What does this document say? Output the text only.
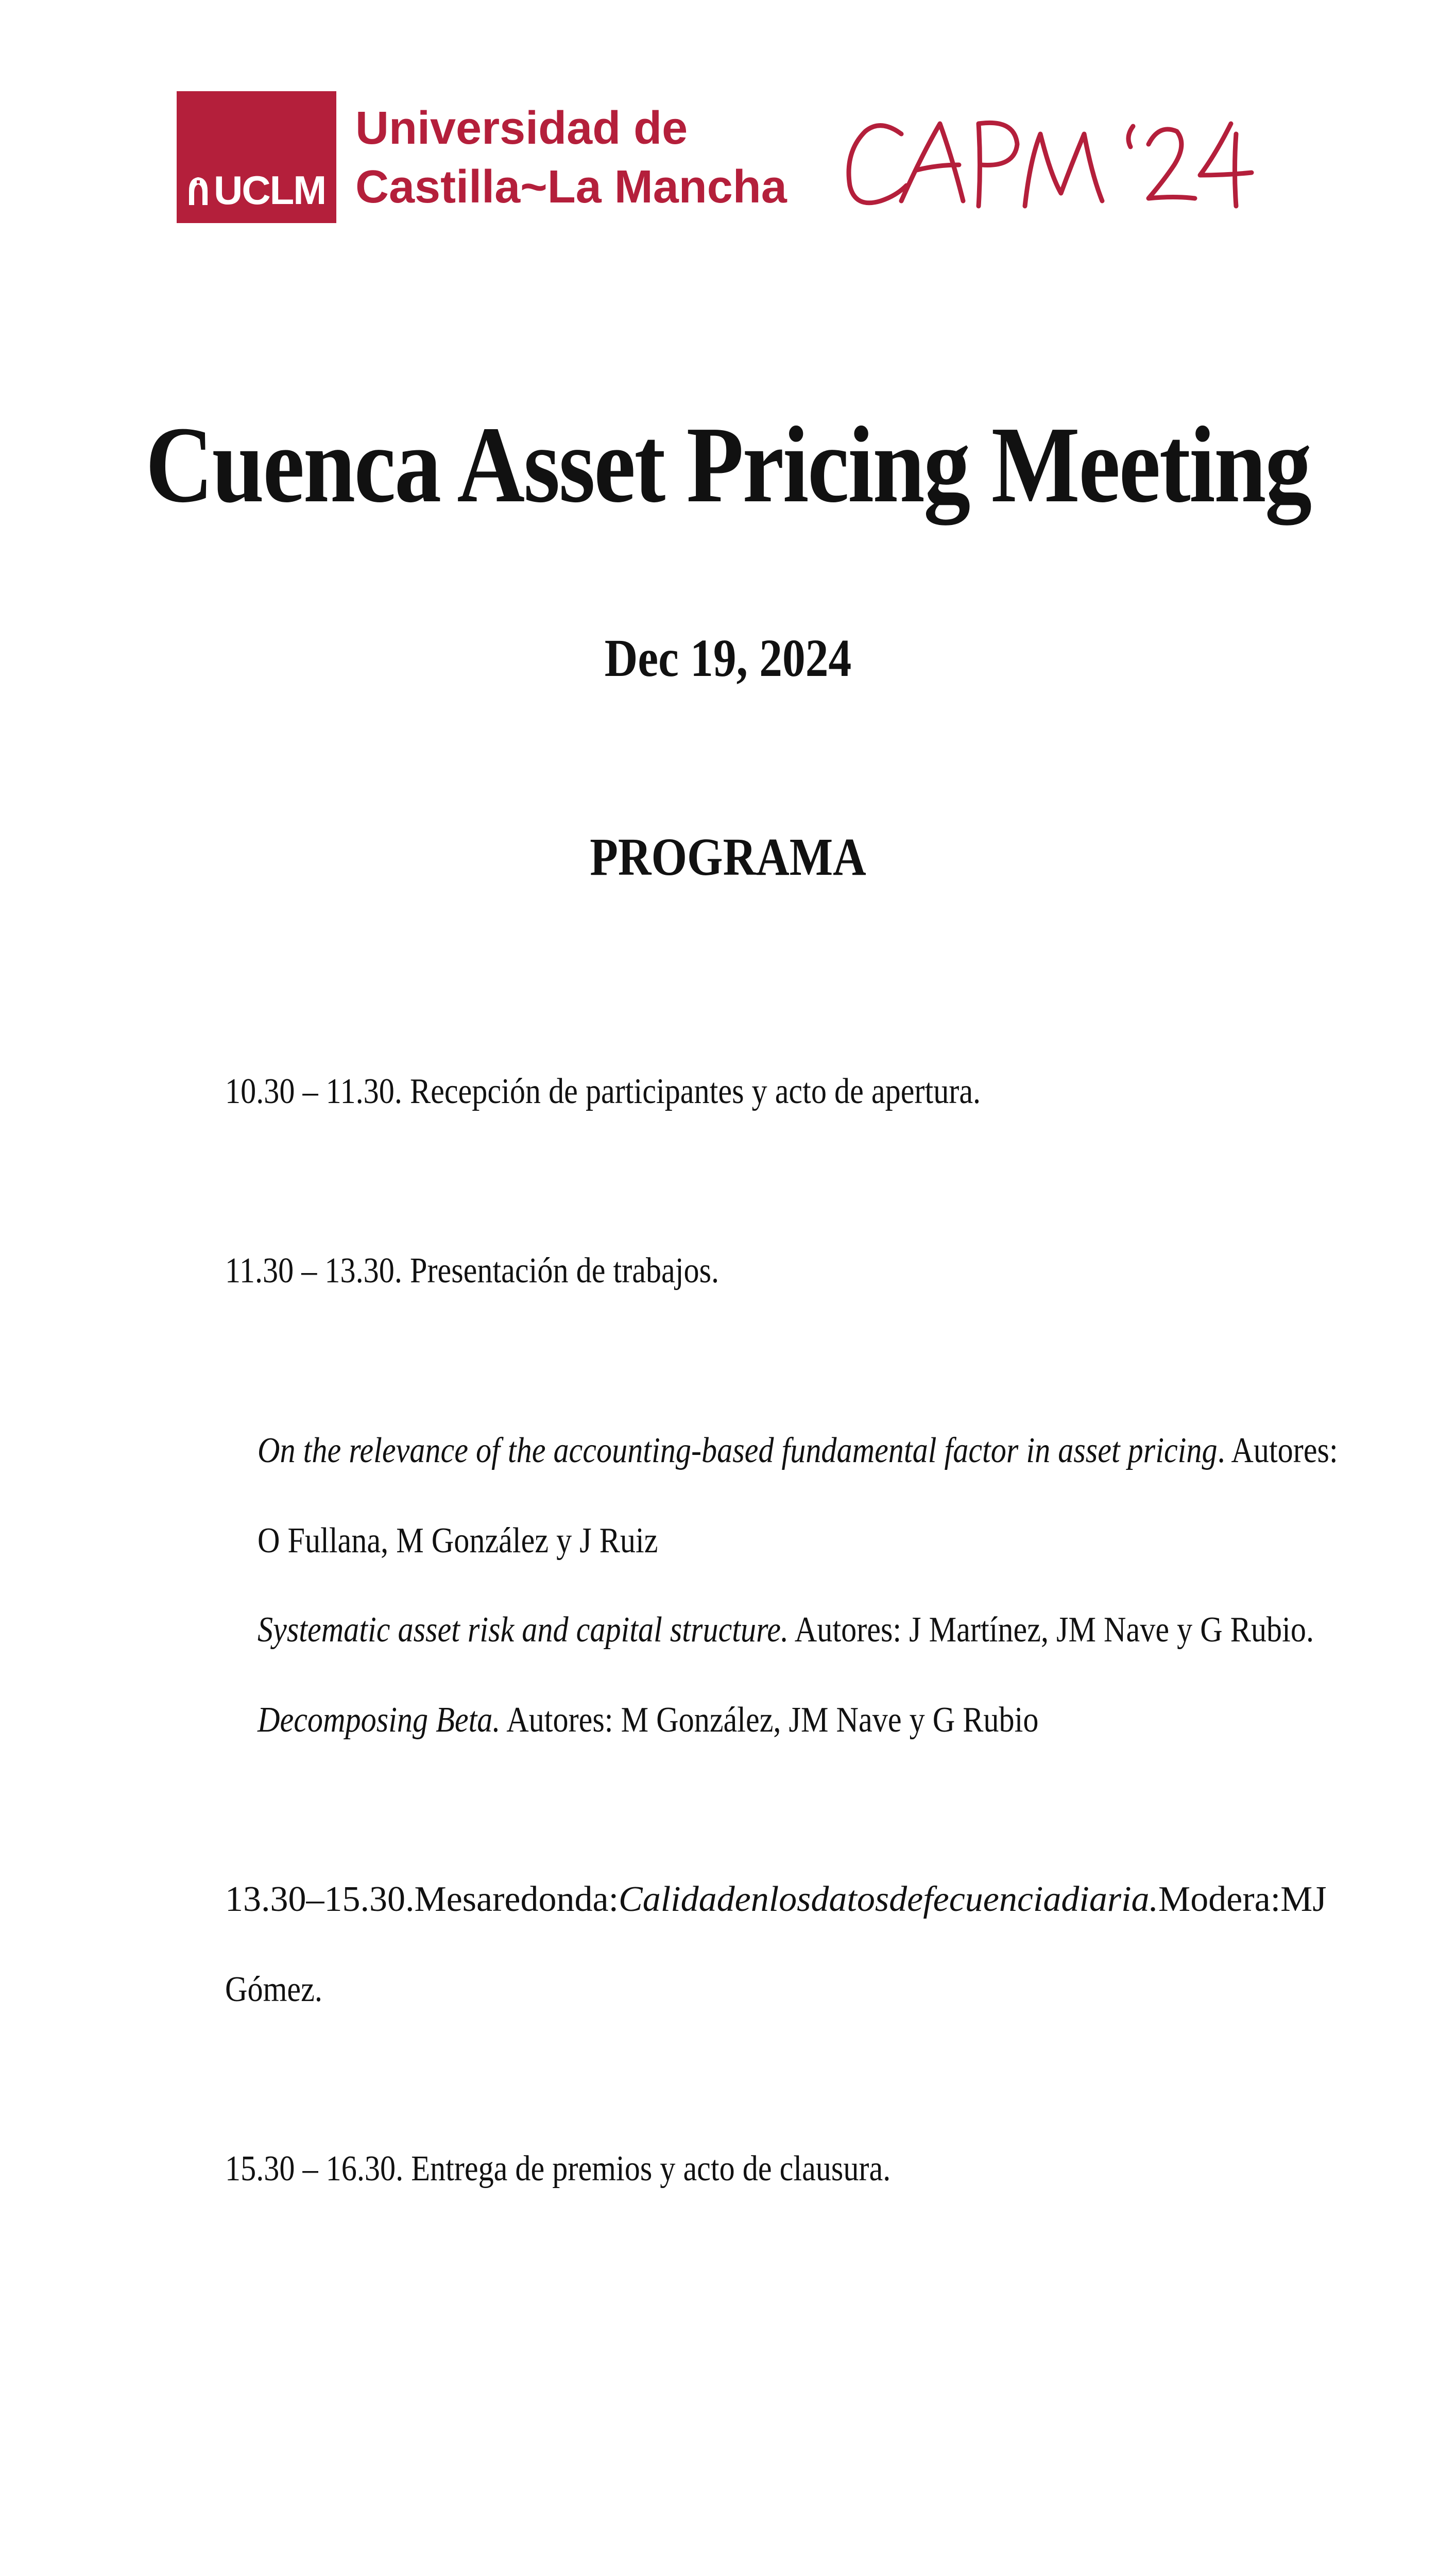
UCLM
Universidad de
Castilla~La Mancha
CAPM '24
Cuenca Asset Pricing Meeting
Dec 19, 2024
PROGRAMA
10.30 – 11.30. Recepción de participantes y acto de apertura.
11.30 – 13.30. Presentación de trabajos.
On the relevance of the accounting-based fundamental factor in asset pricing. Autores:
O Fullana, M González y J Ruiz
Systematic asset risk and capital structure. Autores: J Martínez, JM Nave y G Rubio.
Decomposing Beta. Autores: M González, JM Nave y G Rubio
13.30 – 15.30. Mesa redonda: Calidad en los datos de fecuencia diaria. Modera: MJ
Gómez.
15.30 – 16.30. Entrega de premios y acto de clausura.
